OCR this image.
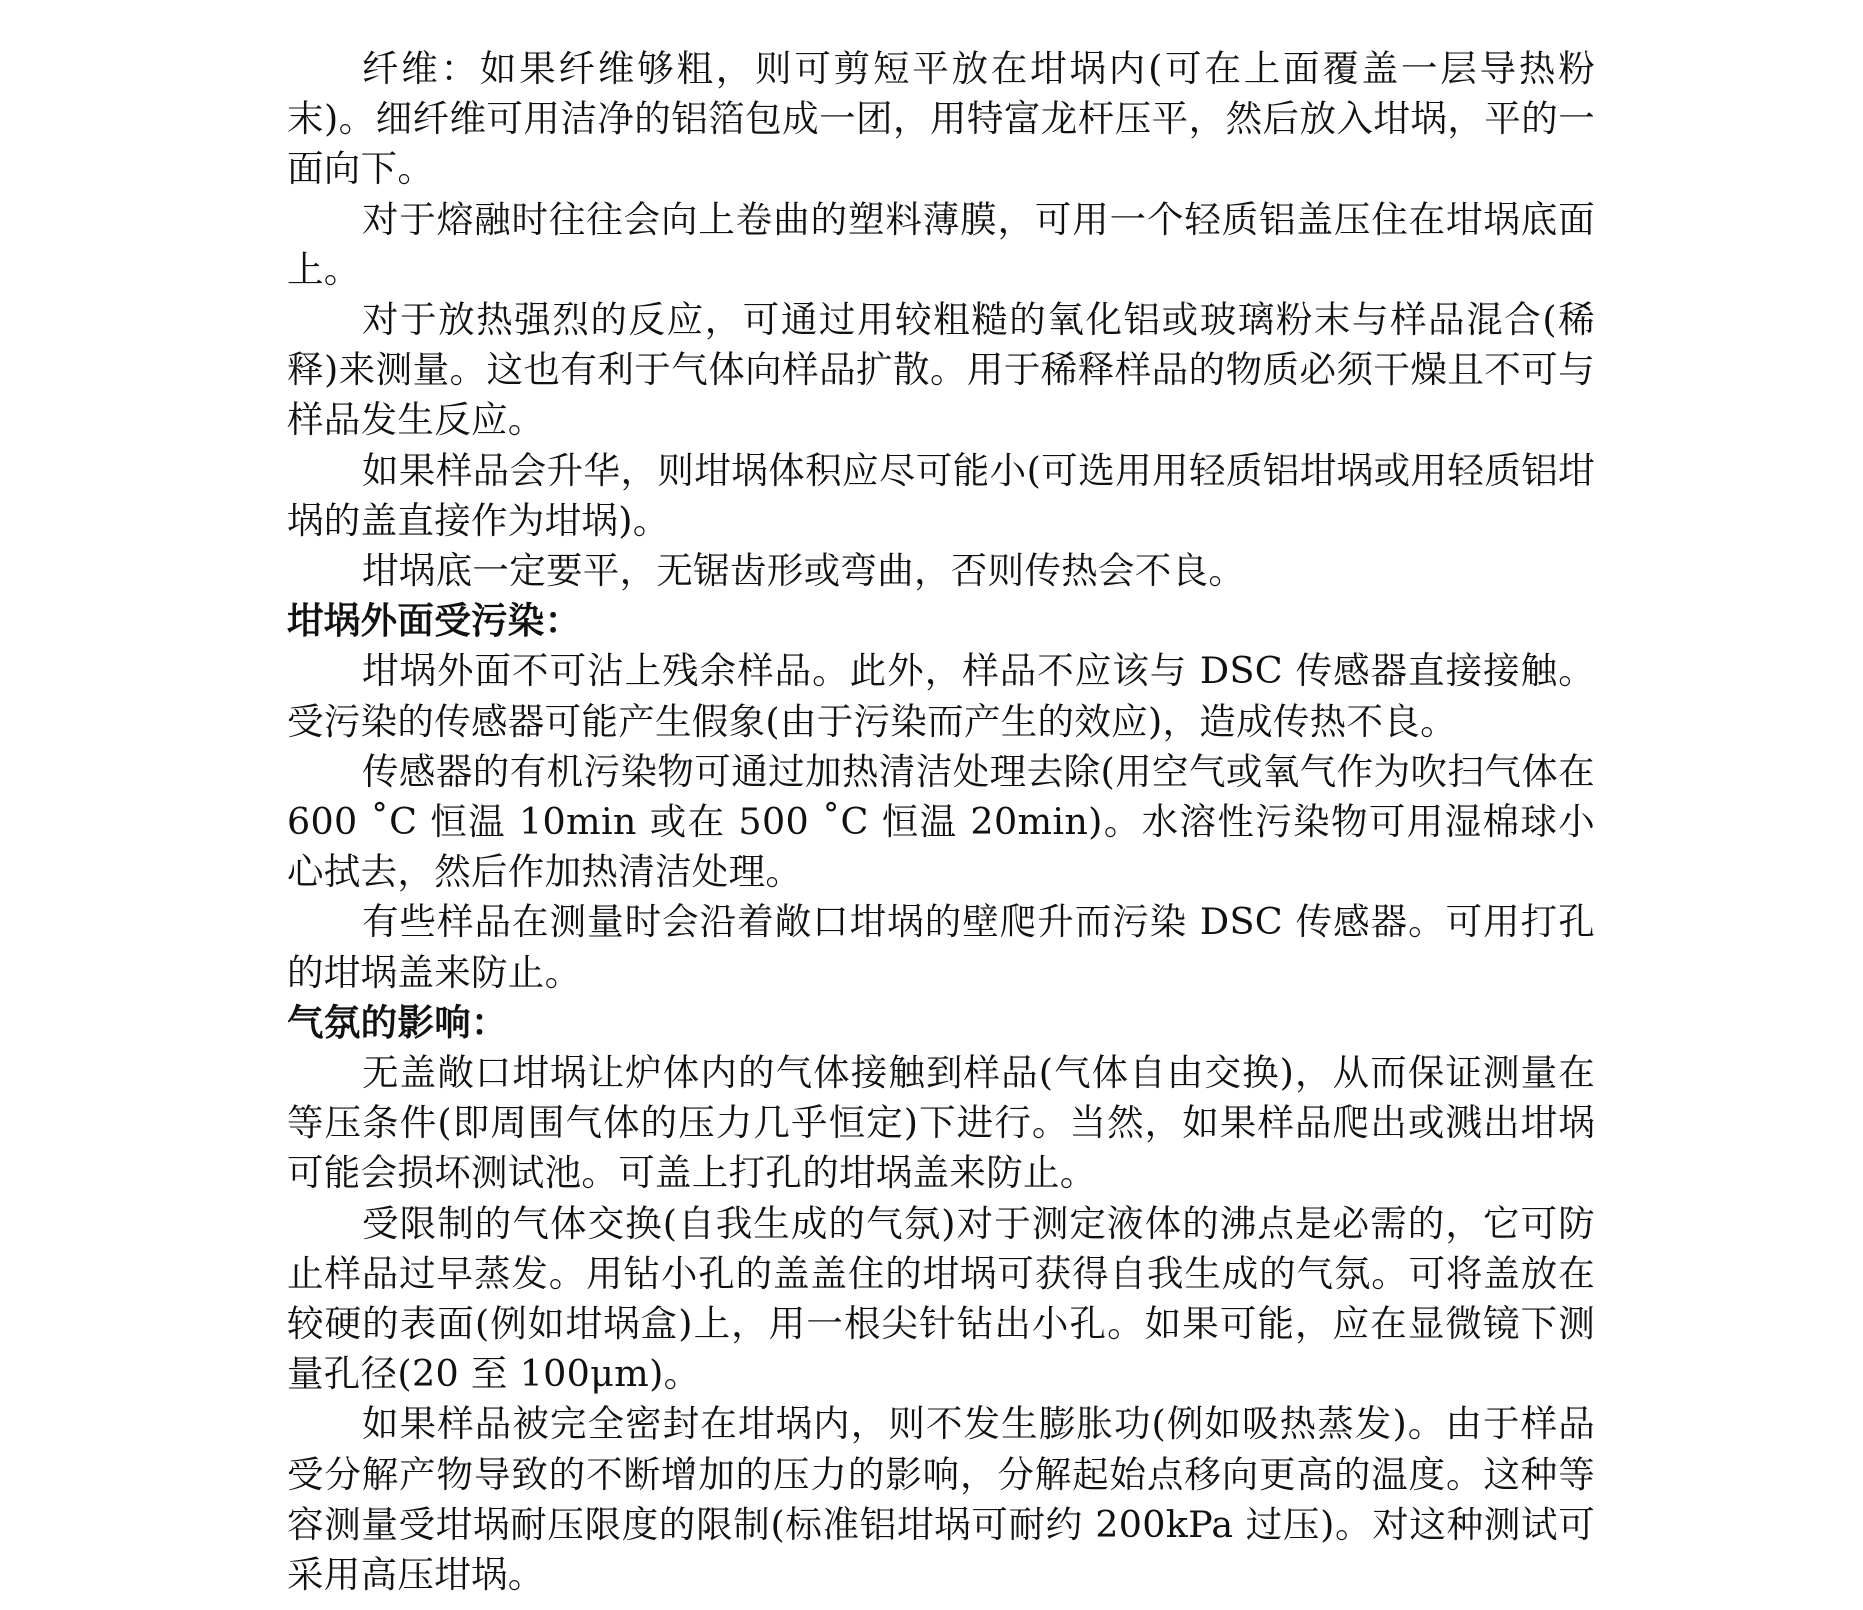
纤维：如果纤维够粗，则可剪短平放在坩埚内(可在上面覆盖一层导热粉末)。细纤维可用洁净的铝箔包成一团，用特富龙杆压平，然后放入坩埚，平的一面向下。

对于熔融时往往会向上卷曲的塑料薄膜，可用一个轻质铝盖压住在坩埚底面上。

对于放热强烈的反应，可通过用较粗糙的氧化铝或玻璃粉末与样品混合(稀释)来测量。这也有利于气体向样品扩散。用于稀释样品的物质必须干燥且不可与样品发生反应。

如果样品会升华，则坩埚体积应尽可能小(可选用用轻质铝坩埚或用轻质铝坩埚的盖直接作为坩埚)。

坩埚底一定要平，无锯齿形或弯曲，否则传热会不良。

坩埚外面受污染：

坩埚外面不可沾上残余样品。此外，样品不应该与 DSC 传感器直接接触。受污染的传感器可能产生假象(由于污染而产生的效应)，造成传热不良。

传感器的有机污染物可通过加热清洁处理去除(用空气或氧气作为吹扫气体在 600 ˚C 恒温 10min 或在 500 ˚C 恒温 20min)。水溶性污染物可用湿棉球小心拭去，然后作加热清洁处理。

有些样品在测量时会沿着敞口坩埚的壁爬升而污染 DSC 传感器。可用打孔的坩埚盖来防止。

气氛的影响：

无盖敞口坩埚让炉体内的气体接触到样品(气体自由交换)，从而保证测量在等压条件(即周围气体的压力几乎恒定)下进行。当然，如果样品爬出或溅出坩埚可能会损坏测试池。可盖上打孔的坩埚盖来防止。

受限制的气体交换(自我生成的气氛)对于测定液体的沸点是必需的，它可防止样品过早蒸发。用钻小孔的盖盖住的坩埚可获得自我生成的气氛。可将盖放在较硬的表面(例如坩埚盒)上，用一根尖针钻出小孔。如果可能，应在显微镜下测量孔径(20 至 100μm)。

如果样品被完全密封在坩埚内，则不发生膨胀功(例如吸热蒸发)。由于样品受分解产物导致的不断增加的压力的影响，分解起始点移向更高的温度。这种等容测量受坩埚耐压限度的限制(标准铝坩埚可耐约 200kPa 过压)。对这种测试可采用高压坩埚。
